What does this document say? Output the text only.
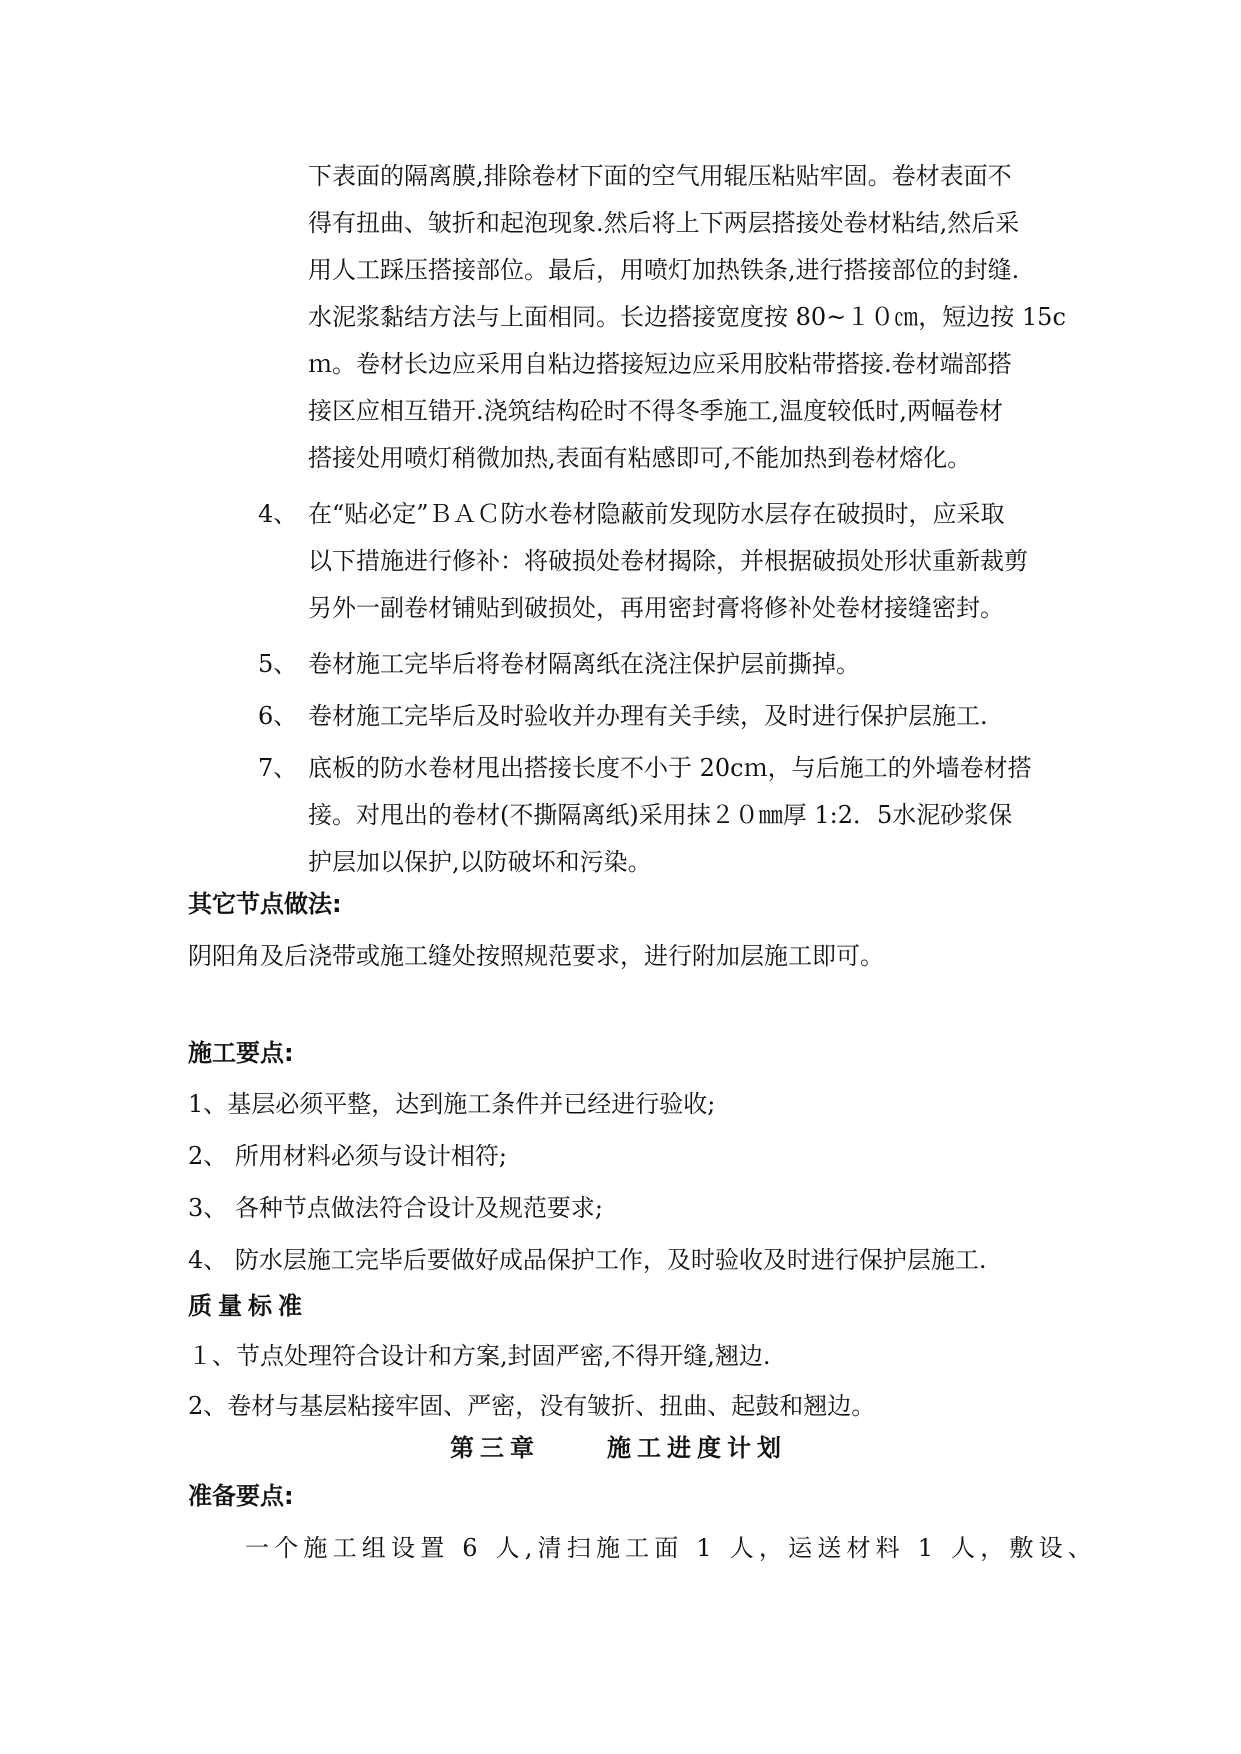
下表面的隔离膜,排除卷材下面的空气用辊压粘贴牢固。卷材表面不
得有扭曲、皱折和起泡现象.然后将上下两层搭接处卷材粘结,然后采
用人工踩压搭接部位。最后，用喷灯加热铁条,进行搭接部位的封缝.
水泥浆黏结方法与上面相同。长边搭接宽度按 80~１０㎝，短边按 15c
ｍ。卷材长边应采用自粘边搭接短边应采用胶粘带搭接.卷材端部搭
接区应相互错开.浇筑结构砼时不得冬季施工,温度较低时,两幅卷材
搭接处用喷灯稍微加热,表面有粘感即可,不能加热到卷材熔化。
4、 在“贴必定”ＢＡＣ防水卷材隐蔽前发现防水层存在破损时，应采取
以下措施进行修补：将破损处卷材揭除，并根据破损处形状重新裁剪
另外一副卷材铺贴到破损处，再用密封膏将修补处卷材接缝密封。
5、 卷材施工完毕后将卷材隔离纸在浇注保护层前撕掉。
6、 卷材施工完毕后及时验收并办理有关手续，及时进行保护层施工.
7、 底板的防水卷材甩出搭接长度不小于 20cｍ，与后施工的外墙卷材搭
接。对甩出的卷材(不撕隔离纸)采用抹２０㎜厚 1:2．5水泥砂浆保
护层加以保护,以防破坏和污染。
其它节点做法:
阴阳角及后浇带或施工缝处按照规范要求，进行附加层施工即可。
施工要点:
1、基层必须平整，达到施工条件并已经进行验收;
2、 所用材料必须与设计相符;
3、 各种节点做法符合设计及规范要求;
4、 防水层施工完毕后要做好成品保护工作，及时验收及时进行保护层施工.
质量标准
１、节点处理符合设计和方案,封固严密,不得开缝,翘边.
2、卷材与基层粘接牢固、严密，没有皱折、扭曲、起鼓和翘边。
第三章	施工进度计划
准备要点:
一个施工组设置 6 人,清扫施工面 1 人，运送材料 1 人，敷设、
